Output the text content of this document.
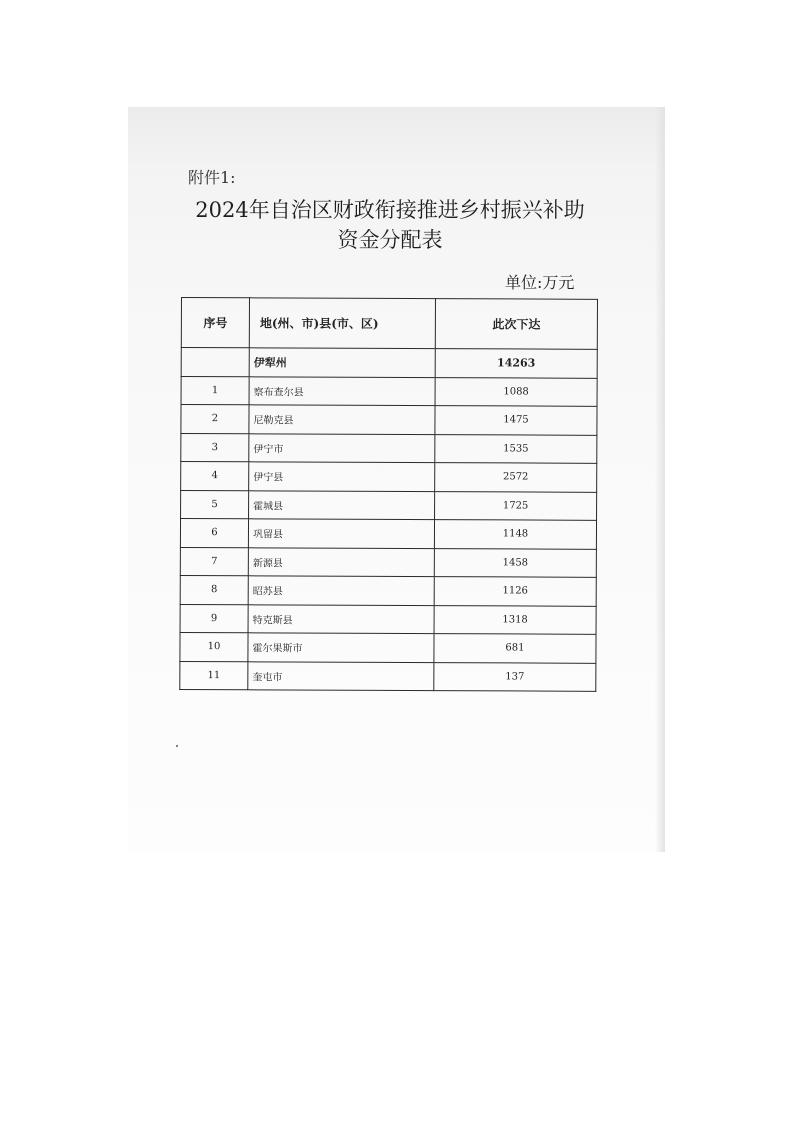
附件1:
2024年自治区财政衔接推进乡村振兴补助
资金分配表
单位:万元
序号	地(州、市)县(市、区)	此次下达
	伊犁州	14263
1	察布查尔县	1088
2	尼勒克县	1475
3	伊宁市	1535
4	伊宁县	2572
5	霍城县	1725
6	巩留县	1148
7	新源县	1458
8	昭苏县	1126
9	特克斯县	1318
10	霍尔果斯市	681
11	奎屯市	137
